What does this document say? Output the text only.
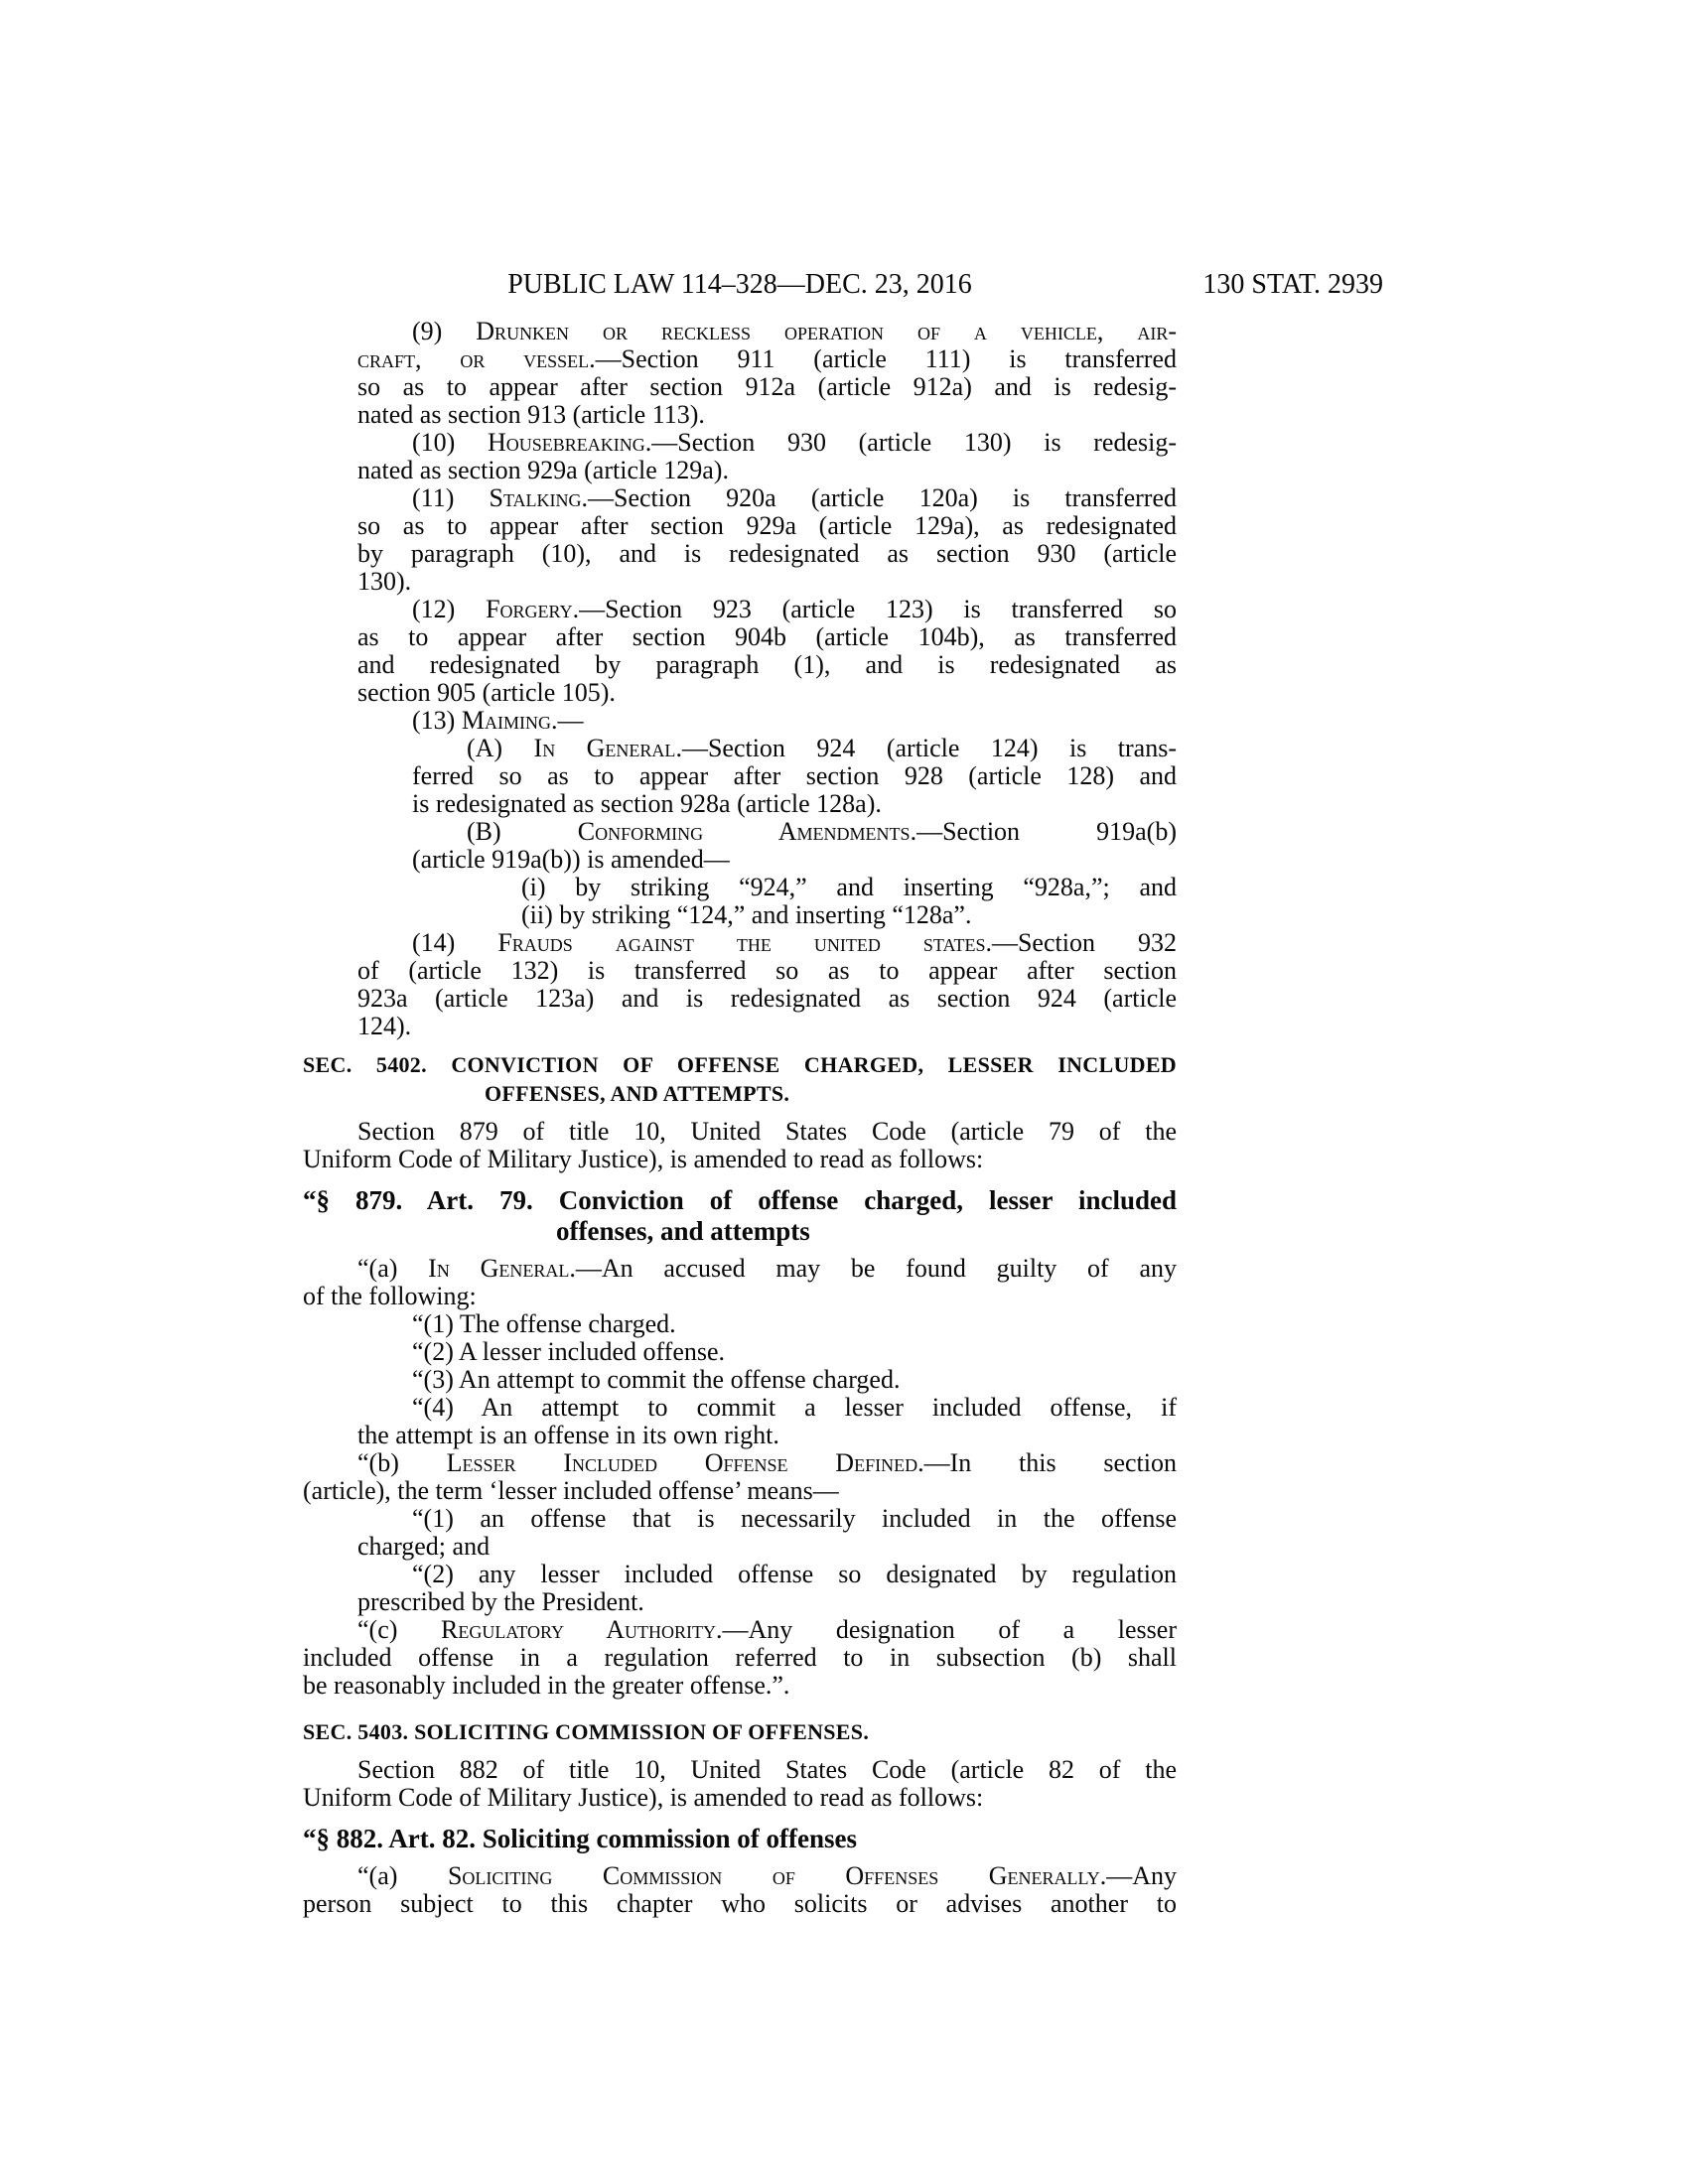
PUBLIC LAW 114–328—DEC. 23, 2016	130 STAT. 2939
(9) Drunken or reckless operation of a vehicle, air-
craft, or vessel.—Section 911 (article 111) is transferred
so as to appear after section 912a (article 912a) and is redesig-
nated as section 913 (article 113).
(10) Housebreaking.—Section 930 (article 130) is redesig-
nated as section 929a (article 129a).
(11) Stalking.—Section 920a (article 120a) is transferred
so as to appear after section 929a (article 129a), as redesignated
by paragraph (10), and is redesignated as section 930 (article
130).
(12) Forgery.—Section 923 (article 123) is transferred so
as to appear after section 904b (article 104b), as transferred
and redesignated by paragraph (1), and is redesignated as
section 905 (article 105).
(13) Maiming.—
(A) In General.—Section 924 (article 124) is trans-
ferred so as to appear after section 928 (article 128) and
is redesignated as section 928a (article 128a).
(B) Conforming Amendments.—Section 919a(b)
(article 919a(b)) is amended—
(i) by striking “924,” and inserting “928a,”; and
(ii) by striking “124,” and inserting “128a”.
(14) Frauds against the united states.—Section 932
of (article 132) is transferred so as to appear after section
923a (article 123a) and is redesignated as section 924 (article
124).
SEC. 5402. CONVICTION OF OFFENSE CHARGED, LESSER INCLUDED
OFFENSES, AND ATTEMPTS.
Section 879 of title 10, United States Code (article 79 of the
Uniform Code of Military Justice), is amended to read as follows:
“§ 879. Art. 79. Conviction of offense charged, lesser included
offenses, and attempts
“(a) In General.—An accused may be found guilty of any
of the following:
“(1) The offense charged.
“(2) A lesser included offense.
“(3) An attempt to commit the offense charged.
“(4) An attempt to commit a lesser included offense, if
the attempt is an offense in its own right.
“(b) Lesser Included Offense Defined.—In this section
(article), the term ‘lesser included offense’ means—
“(1) an offense that is necessarily included in the offense
charged; and
“(2) any lesser included offense so designated by regulation
prescribed by the President.
“(c) Regulatory Authority.—Any designation of a lesser
included offense in a regulation referred to in subsection (b) shall
be reasonably included in the greater offense.”.
SEC. 5403. SOLICITING COMMISSION OF OFFENSES.
Section 882 of title 10, United States Code (article 82 of the
Uniform Code of Military Justice), is amended to read as follows:
“§ 882. Art. 82. Soliciting commission of offenses
“(a) Soliciting Commission of Offenses Generally.—Any
person subject to this chapter who solicits or advises another to
